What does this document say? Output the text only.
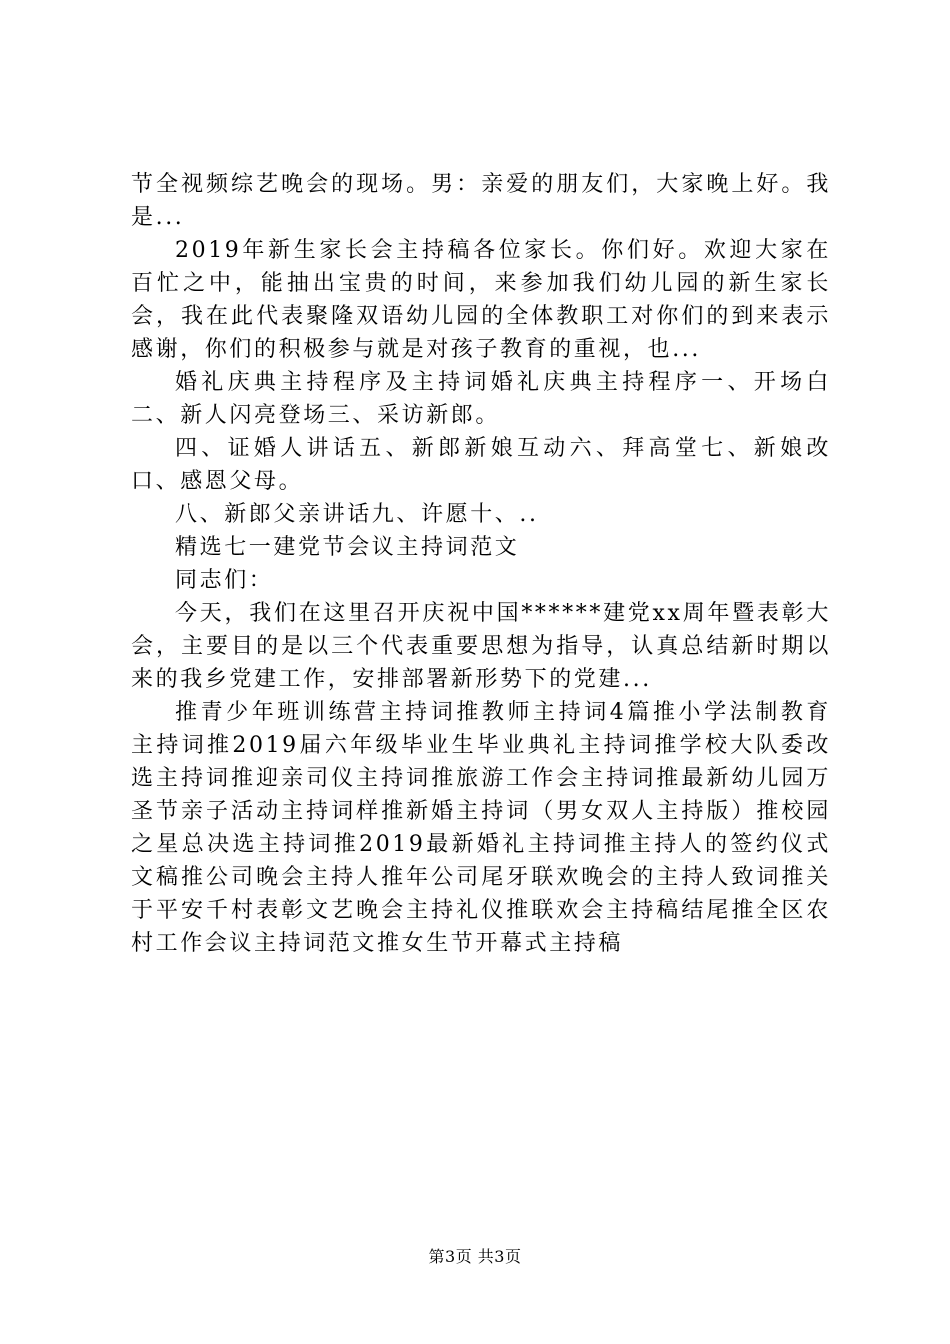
节全视频综艺晚会的现场。男：亲爱的朋友们，大家晚上好。我是...

2019年新生家长会主持稿各位家长。你们好。欢迎大家在百忙之中，能抽出宝贵的时间，来参加我们幼儿园的新生家长会，我在此代表聚隆双语幼儿园的全体教职工对你们的到来表示感谢，你们的积极参与就是对孩子教育的重视，也...

婚礼庆典主持程序及主持词婚礼庆典主持程序一、开场白二、新人闪亮登场三、采访新郎。

四、证婚人讲话五、新郎新娘互动六、拜高堂七、新娘改口、感恩父母。

八、新郎父亲讲话九、许愿十、..

精选七一建党节会议主持词范文

同志们：

今天，我们在这里召开庆祝中国******建党xx周年暨表彰大会，主要目的是以三个代表重要思想为指导，认真总结新时期以来的我乡党建工作，安排部署新形势下的党建...

推青少年班训练营主持词推教师主持词4篇推小学法制教育主持词推2019届六年级毕业生毕业典礼主持词推学校大队委改选主持词推迎亲司仪主持词推旅游工作会主持词推最新幼儿园万圣节亲子活动主持词样推新婚主持词（男女双人主持版）推校园之星总决选主持词推2019最新婚礼主持词推主持人的签约仪式文稿推公司晚会主持人推年公司尾牙联欢晚会的主持人致词推关于平安千村表彰文艺晚会主持礼仪推联欢会主持稿结尾推全区农村工作会议主持词范文推女生节开幕式主持稿

第3页 共3页
